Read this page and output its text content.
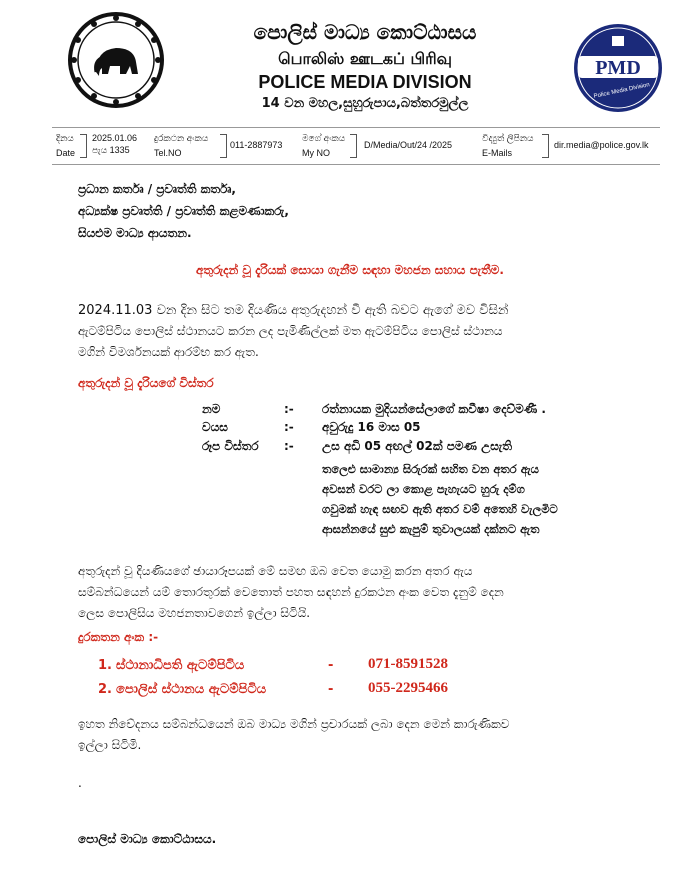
PMD
Police Media Division
පොලිස් මාධ්‍ය කොට්ඨාසය
பொலிஸ் ஊடகப் பிரிவு
POLICE MEDIA DIVISION
14 වන මහල,සුහුරුපාය,බත්තරමුල්ල
දිනය
Date
2025.01.06
පැය 1335
දුරකථන අංකය
Tel.NO
011-2887973
මගේ අංකය
My NO
D/Media/Out/24 /2025
විද්‍යුත් ලිපිනය
E-Mails
dir.media@police.gov.lk
ප්‍රධාන කර්තෘ / ප්‍රවෘත්ති කර්තෘ,
අධ්‍යක්ෂ ප්‍රවෘත්ති / ප්‍රවෘත්ති කළමණාකරු,
සියළුම මාධ්‍ය ආයතන.
අතුරුදන් වූ දැරියක් සොයා ගැනීම සඳහා මහජන සහාය පැතීම.

2024.11.03 වන දින සිට තම දියණිය අතුරුදහන් වී ඇති බවට ඇගේ මව විසින්
ඇටම්පිටිය පොලිස් ස්ථානයට කරන ලද පැමිණිල්ලක් මත ඇටම්පිටිය පොලිස් ස්ථානය
මගින් විමර්ශනයක් ආරම්භ කර ඇත.

අතුරුදන් වූ දැරියගේ විස්තර
නම	:- රත්නායක මුදියන්සේලාගේ කවීෂා දෙව්මණී .
වයස	:- අවුරුදු 16 මාස 05
රූප විස්තර :- උස අඩි 05 අඟල් 02ක් පමණ උසැති

තලෙළු සාමාන්‍ය සිරුරක් සහිත වන අතර ඇය
අවසන් වරට ලා කොළ පැහැයට හුරු දම්ග
ගවුමක් හැඳ සඟව ඇති අතර වම් අතෙහි වැලමිට
ආසන්නයේ සුළු කැපුම් තුවාලයක් දක්නට ඇත

අතුරුදන් වූ දියණියගේ ඡායාරූපයක් මේ සමඟ ඔබ වෙත යොමු කරන අතර ඇය
සම්බන්ධයෙන් යම් තොරතුරක් වෙතොත් පහත සඳහන් දුරකථන අංක වෙත දැනුම් දෙන
ලෙස පොලිසිය මහජනතාවගෙන් ඉල්ලා සිටියි.

දුරකතන අංක :-
1. ස්ථානාධිපති ඇටම්පිටිය	- 071-8591528
2. පොලිස් ස්ථානය ඇටම්පිටිය	- 055-2295466

ඉහත නිවේදනය සම්බන්ධයෙන් ඔබ මාධ්‍ය මගින් ප්‍රචාරයක් ලබා දෙන මෙන් කාරුණිකව
ඉල්ලා සිටිමි.

.
පොලිස් මාධ්‍ය කොට්ඨාසය.
